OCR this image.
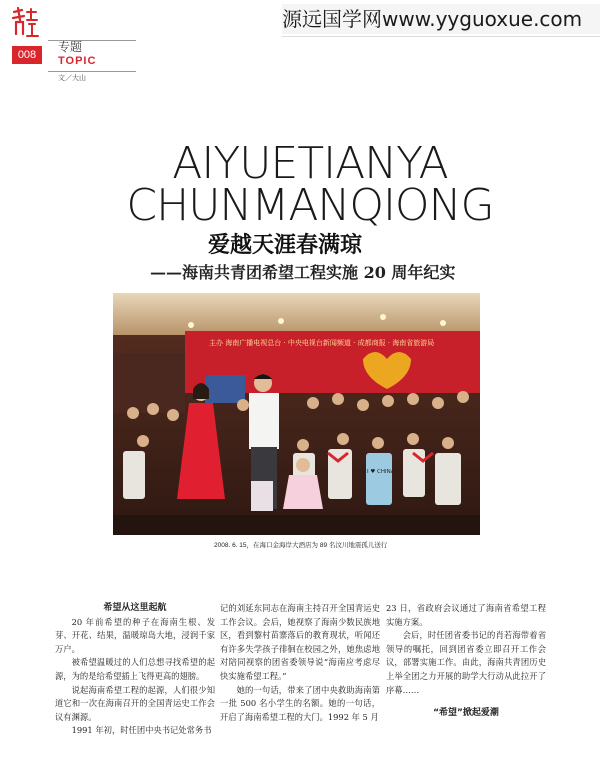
008
专题
TOPIC
文／大山
源远国学网www.yyguoxue.com
AIYUETIANYA
CHUNMANQIONG
爱越天涯春满琼
——海南共青团希望工程实施 20 周年纪实
主办 海南广播电视总台 · 中央电视台新闻频道 · 成都商报 · 海南省旅游局
I ♥ CHINA
2008. 6. 15，在海口金海岸大酒店为 89 名汶川地震孤儿送行

希望从这里起航

20 年前希望的种子在海南生根、发芽、开花、结果，温暖琼岛大地，浸润千家万户。

被希望温暖过的人们总想寻找希望的起源，为的是给希望插上飞得更高的翅膀。

说起海南希望工程的起源，人们很少知道它和一次在海南召开的全国青运史工作会议有渊源。

1991 年初，时任团中央书记处常务书

记的刘延东同志在海南主持召开全国青运史工作会议。会后，她视察了海南少数民族地区，看到黎村苗寨落后的教育现状，听闻还有许多失学孩子徘徊在校园之外，她焦虑地对陪同视察的团省委领导说“海南应考虑尽快实施希望工程。”

她的一句话，带来了团中央救助海南第一批 500 名小学生的名额。她的一句话，开启了海南希望工程的大门。1992 年 5 月

23 日，省政府会议通过了海南省希望工程实施方案。

会后，时任团省委书记的肖若海带着省领导的嘱托，回到团省委立即召开工作会议，部署实施工作。由此，海南共青团历史上举全团之力开展的助学大行动从此拉开了序幕……

“希望”掀起爱潮
